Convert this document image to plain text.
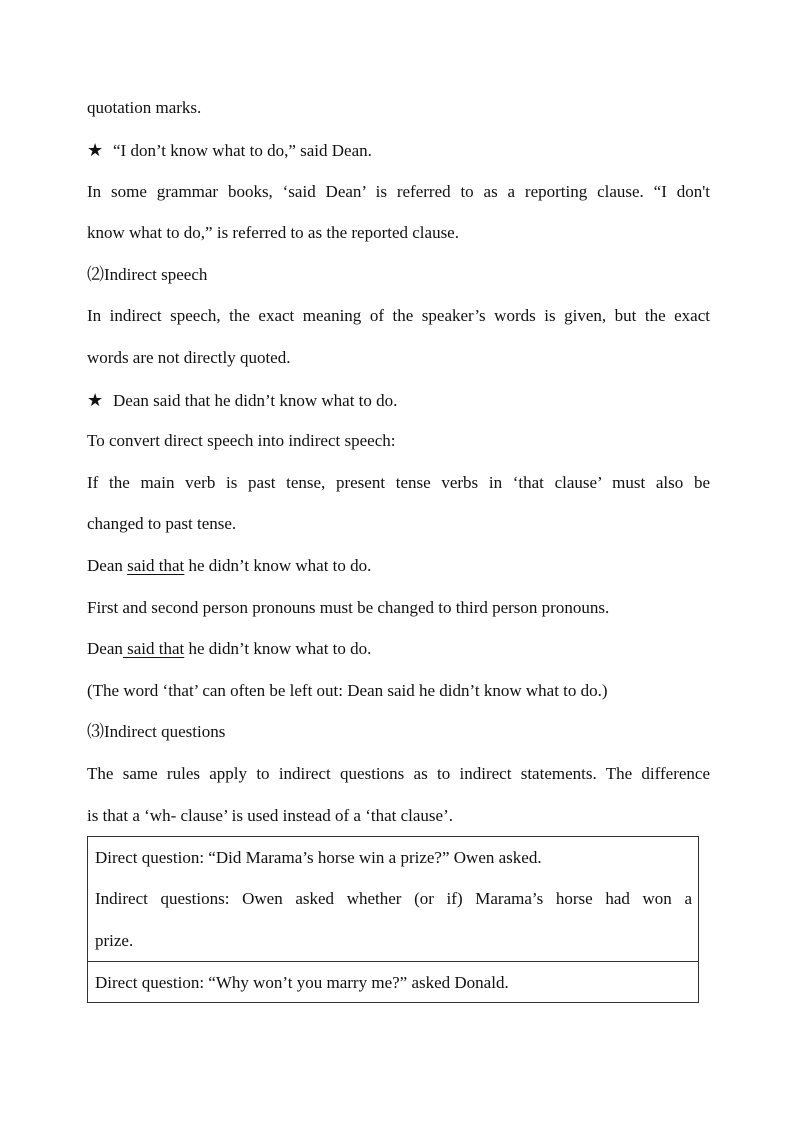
quotation marks.
★ “I don’t know what to do,” said Dean.
In some grammar books, ‘said Dean’ is referred to as a reporting clause. “I don't
know what to do,” is referred to as the reported clause.
⑵Indirect speech
In indirect speech, the exact meaning of the speaker’s words is given, but the exact
words are not directly quoted.
★ Dean said that he didn’t know what to do.
To convert direct speech into indirect speech:
If the main verb is past tense, present tense verbs in ‘that clause’ must also be
changed to past tense.
Dean said that he didn’t know what to do.
First and second person pronouns must be changed to third person pronouns.
Dean said that he didn’t know what to do.
(The word ‘that’ can often be left out: Dean said he didn’t know what to do.)
⑶Indirect questions
The same rules apply to indirect questions as to indirect statements. The difference
is that a ‘wh- clause’ is used instead of a ‘that clause’.
Direct question: “Did Marama’s horse win a prize?” Owen asked.
Indirect questions: Owen asked whether (or if) Marama’s horse had won a
prize.
Direct question: “Why won’t you marry me?” asked Donald.
